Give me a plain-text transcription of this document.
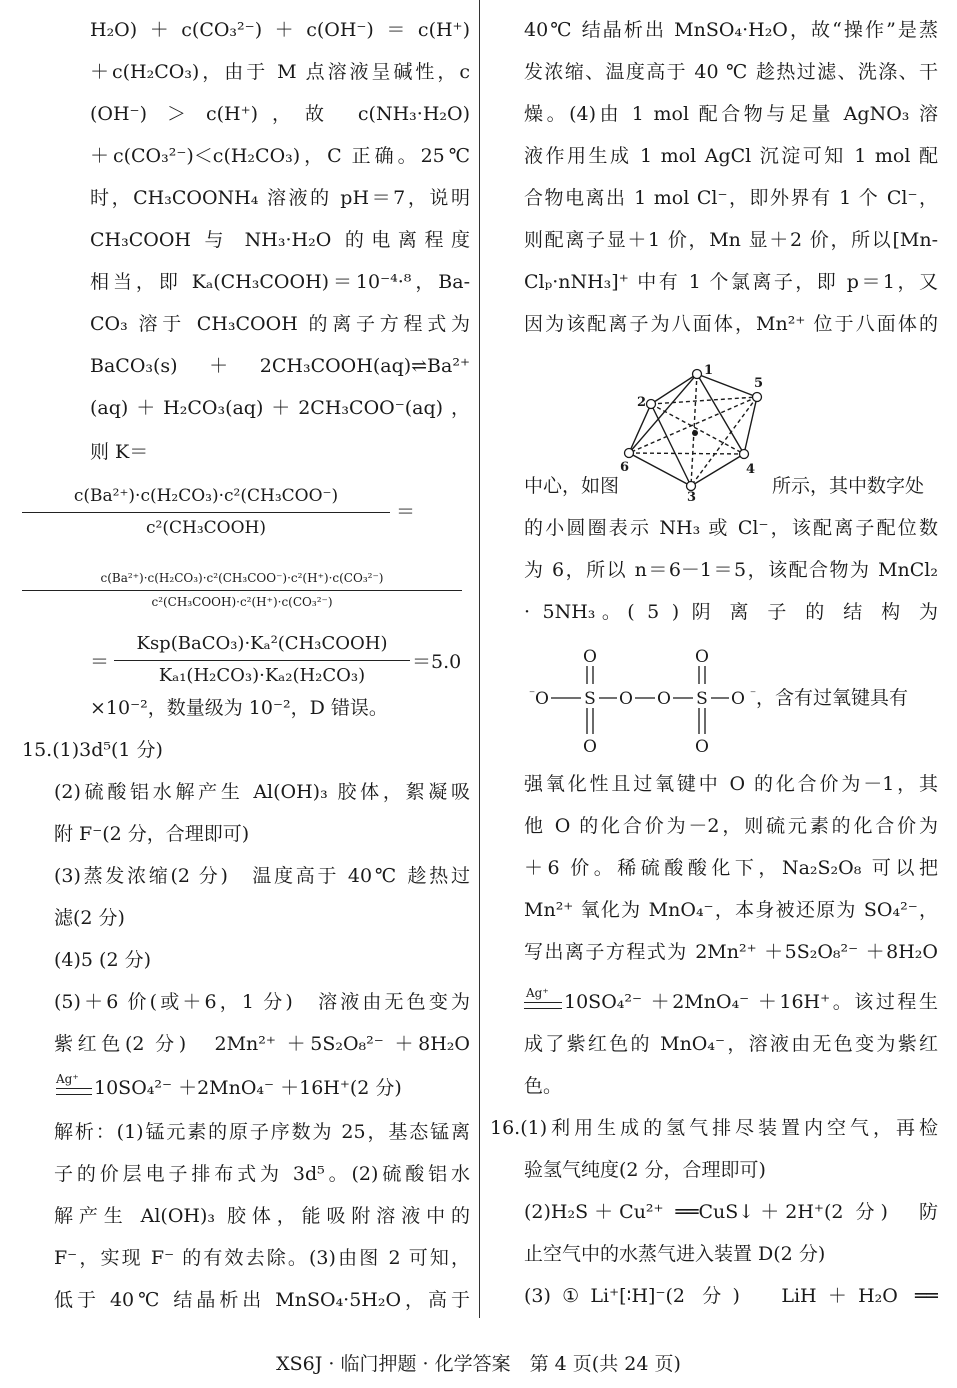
H₂O)＋c(CO₃²⁻)＋c(OH⁻)＝c(H⁺)
＋c(H₂CO₃)，由于 M 点溶液呈碱性，c
(OH⁻) ＞ c(H⁺)，故 c(NH₃·H₂O)
＋c(CO₃²⁻)＜c(H₂CO₃)，C 正确。25℃
时，CH₃COONH₄ 溶液的 pH＝7，说明
CH₃COOH 与 NH₃·H₂O 的电离程度
相当，即 Kₐ(CH₃COOH)＝10⁻⁴·⁸，Ba-
CO₃ 溶于 CH₃COOH 的离子方程式为
BaCO₃(s)＋2CH₃COOH(aq)⇌Ba²⁺
(aq)＋H₂CO₃(aq)＋2CH₃COO⁻(aq)，
则 K＝
c(Ba²⁺)·c(H₂CO₃)·c²(CH₃COO⁻)
c²(CH₃COOH)
＝
c(Ba²⁺)·c(H₂CO₃)·c²(CH₃COO⁻)·c²(H⁺)·c(CO₃²⁻)
c²(CH₃COOH)·c²(H⁺)·c(CO₃²⁻)
＝
Ksp(BaCO₃)·Kₐ²(CH₃COOH)
Kₐ₁(H₂CO₃)·Kₐ₂(H₂CO₃)
＝5.0
×10⁻²，数量级为 10⁻²，D 错误。
15.(1)3d⁵(1 分)
(2)硫酸铝水解产生 Al(OH)₃ 胶体，絮凝吸
附 F⁻(2 分，合理即可)
(3)蒸发浓缩(2 分)　温度高于 40℃ 趁热过
滤(2 分)
(4)5 (2 分)
(5)＋6 价(或＋6，1 分)　溶液由无色变为
紫红色(2 分)　2Mn²⁺ ＋5S₂O₈²⁻ ＋8H₂O
Ag⁺ 10SO₄²⁻ ＋2MnO₄⁻ ＋16H⁺(2 分)
解析：(1)锰元素的原子序数为 25，基态锰离
子的价层电子排布式为 3d⁵。(2)硫酸铝水
解产生 Al(OH)₃ 胶体，能吸附溶液中的
F⁻，实现 F⁻ 的有效去除。(3)由图 2 可知，
低于 40℃ 结晶析出 MnSO₄·5H₂O，高于
40℃ 结晶析出 MnSO₄·H₂O，故“操作”是蒸
发浓缩、温度高于 40 ℃ 趁热过滤、洗涤、干
燥。(4)由 1 mol 配合物与足量 AgNO₃ 溶
液作用生成 1 mol AgCl 沉淀可知 1 mol 配
合物电离出 1 mol Cl⁻，即外界有 1 个 Cl⁻，
则配离子显＋1 价，Mn 显＋2 价，所以[Mn-
Clₚ·nNH₃]⁺ 中有 1 个氯离子，即 p＝1，又
因为该配离子为八面体，Mn²⁺ 位于八面体的
1
2
3
4
5
6
中心，如图	所示，其中数字处
的小圆圈表示 NH₃ 或 Cl⁻，该配离子配位数
为 6，所以 n＝6－1＝5，该配合物为 MnCl₂
· 5NH₃。( 5 ) 阴 离 子 的 结 构 为
⁻ O S
O
O
O O S
O
O
O ⁻ ，含有过氧键具有
强氧化性且过氧键中 O 的化合价为－1，其
他 O 的化合价为－2，则硫元素的化合价为
＋6 价。稀硫酸酸化下，Na₂S₂O₈ 可以把
Mn²⁺ 氧化为 MnO₄⁻，本身被还原为 SO₄²⁻，
写出离子方程式为 2Mn²⁺ ＋5S₂O₈²⁻ ＋8H₂O
Ag⁺ 10SO₄²⁻ ＋2MnO₄⁻ ＋16H⁺。该过程生
成了紫红色的 MnO₄⁻，溶液由无色变为紫红
色。
16.(1)利用生成的氢气排尽装置内空气，再检
验氢气纯度(2 分，合理即可)
(2)H₂S＋Cu²⁺ ══CuS↓＋2H⁺(2 分)　防
止空气中的水蒸气进入装置 D(2 分)
(3)①Li⁺[∶H]⁻(2 分)　LiH＋H₂O ══
XS6J · 临门押题 · 化学答案　第 4 页(共 24 页)
